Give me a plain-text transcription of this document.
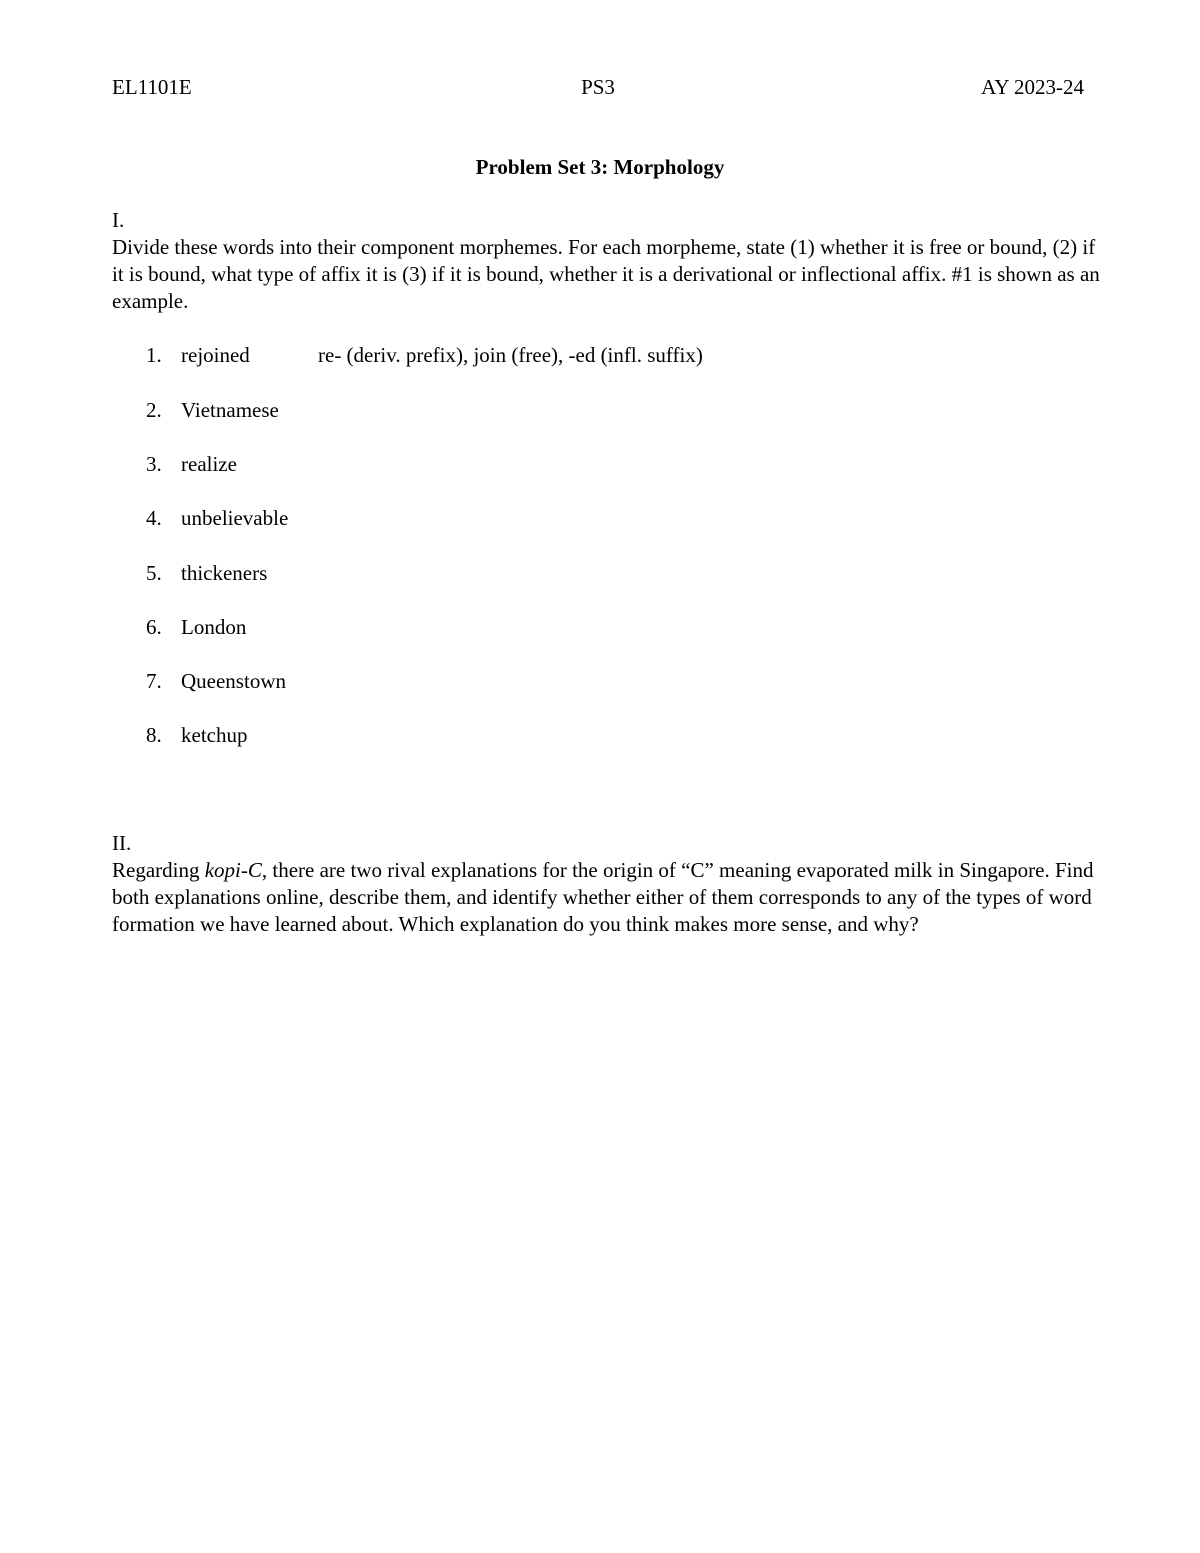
EL1101E	PS3	AY 2023-24
Problem Set 3: Morphology
I.
Divide these words into their component morphemes. For each morpheme, state (1) whether it is free or bound, (2) if it is bound, what type of affix it is (3) if it is bound, whether it is a derivational or inflectional affix. #1 is shown as an example.
1. rejoined	re- (deriv. prefix), join (free), -ed (infl. suffix)
2. Vietnamese
3. realize
4. unbelievable
5. thickeners
6. London
7. Queenstown
8. ketchup
II.
Regarding kopi-C, there are two rival explanations for the origin of “C” meaning evaporated milk in Singapore. Find both explanations online, describe them, and identify whether either of them corresponds to any of the types of word formation we have learned about. Which explanation do you think makes more sense, and why?
